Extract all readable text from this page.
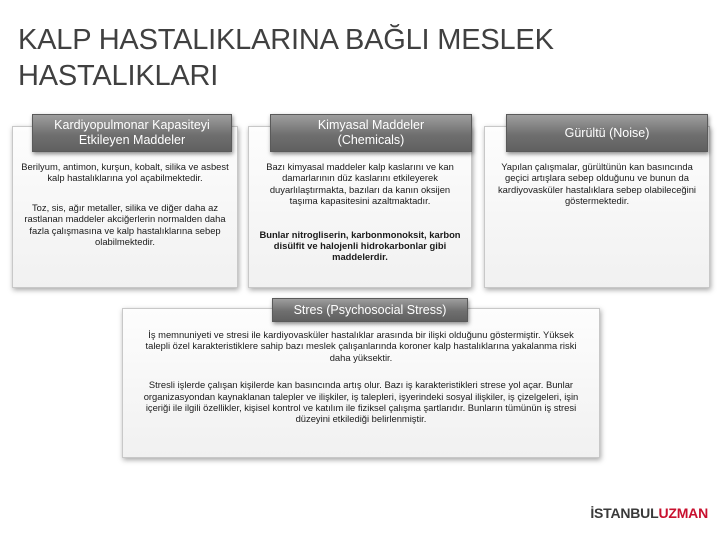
KALP HASTALIKLARINA BAĞLI MESLEK
HASTALIKLARI
Berilyum, antimon, kurşun, kobalt, silika ve asbest kalp hastalıklarına yol açabilmektedir.
Toz, sis, ağır metaller, silika ve diğer daha az rastlanan maddeler akciğerlerin normalden daha fazla çalışmasına ve kalp hastalıklarına sebep olabilmektedir.
Kardiyopulmonar Kapasiteyi Etkileyen Maddeler
Bazı kimyasal maddeler kalp kaslarını ve kan damarlarının düz kaslarını etkileyerek duyarlılaştırmakta, bazıları da kanın oksijen taşıma kapasitesini azaltmaktadır.
Bunlar nitrogliserin, karbonmonoksit, karbon disülfit ve halojenli hidrokarbonlar gibi maddelerdir.
Kimyasal Maddeler
(Chemicals)
Yapılan çalışmalar, gürültünün kan basıncında geçici artışlara sebep olduğunu ve bunun da kardiyovasküler hastalıklara sebep olabileceğini göstermektedir.
Gürültü (Noise)
İş memnuniyeti ve stresi ile kardiyovasküler hastalıklar arasında bir ilişki olduğunu göstermiştir. Yüksek talepli özel karakteristiklere sahip bazı meslek çalışanlarında koroner kalp hastalıklarına yakalanma riski daha yüksektir.
Stresli işlerde çalışan kişilerde kan basıncında artış olur. Bazı iş karakteristikleri strese yol açar. Bunlar organizasyondan kaynaklanan talepler ve ilişkiler, iş talepleri, işyerindeki sosyal ilişkiler, iş çizelgeleri, işin içeriği ile ilgili özellikler, kişisel kontrol ve katılım ile fiziksel çalışma şartlarıdır. Bunların tümünün iş stresi düzeyini etkilediği belirlenmiştir.
Stres (Psychosocial Stress)
İSTANBULUZMAN
